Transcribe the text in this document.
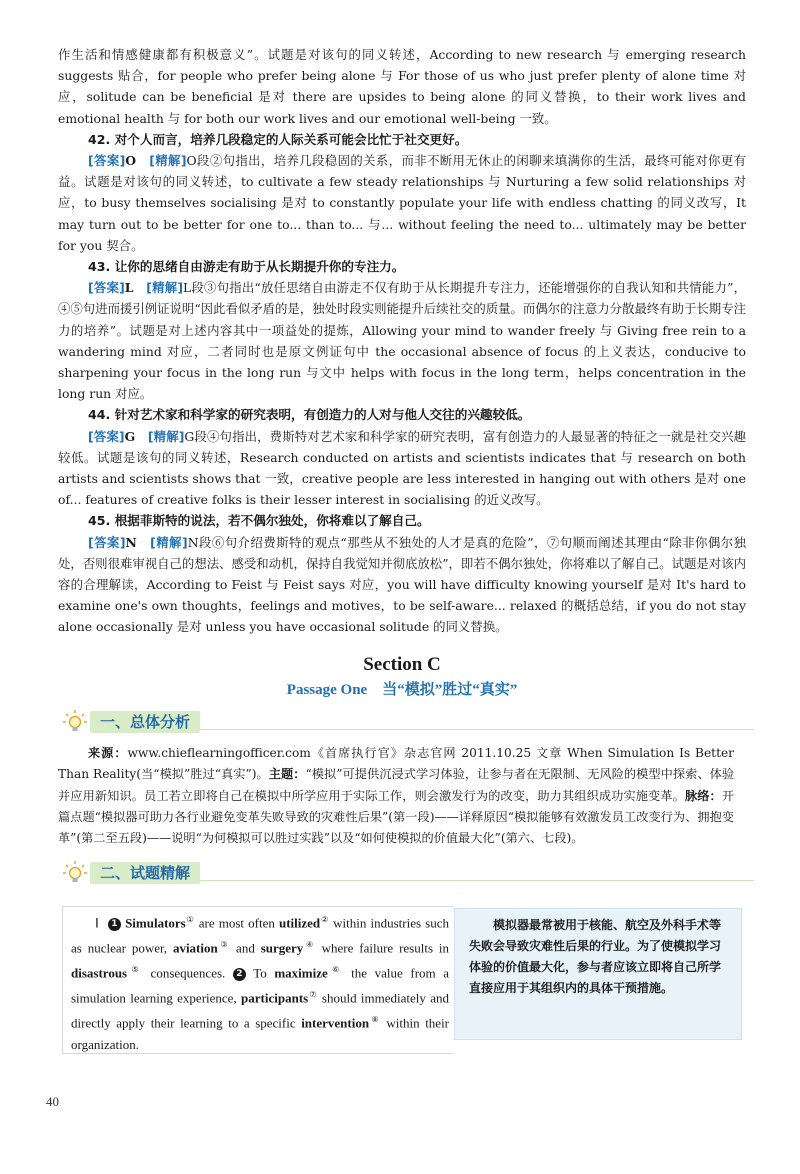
作生活和情感健康都有积极意义”。试题是对该句的同义转述，According to new research 与 emerging research suggests 贴合，for people who prefer being alone 与 For those of us who just prefer plenty of alone time 对应，solitude can be beneficial 是对 there are upsides to being alone 的同义替换，to their work lives and emotional health 与 for both our work lives and our emotional well-being 一致。

42. 对个人而言，培养几段稳定的人际关系可能会比忙于社交更好。

[答案]O　 [精解]O段②句指出，培养几段稳固的关系，而非不断用无休止的闲聊来填满你的生活，最终可能对你更有益。试题是对该句的同义转述，to cultivate a few steady relationships 与 Nurturing a few solid relationships 对应，to busy themselves socialising 是对 to constantly populate your life with endless chatting 的同义改写，It may turn out to be better for one to... than to... 与... without feeling the need to... ultimately may be better for you 契合。

43. 让你的思绪自由游走有助于从长期提升你的专注力。

[答案]L　 [精解]L段③句指出“放任思绪自由游走不仅有助于从长期提升专注力，还能增强你的自我认知和共情能力”，④⑤句进而援引例证说明“因此看似矛盾的是，独处时段实则能提升后续社交的质量。而偶尔的注意力分散最终有助于长期专注力的培养”。试题是对上述内容其中一项益处的提炼，Allowing your mind to wander freely 与 Giving free rein to a wandering mind 对应，二者同时也是原文例证句中 the occasional absence of focus 的上义表达，conducive to sharpening your focus in the long run 与文中 helps with focus in the long term，helps concentration in the long run 对应。

44. 针对艺术家和科学家的研究表明，有创造力的人对与他人交往的兴趣较低。

[答案]G　 [精解]G段④句指出，费斯特对艺术家和科学家的研究表明，富有创造力的人最显著的特征之一就是社交兴趣较低。试题是该句的同义转述，Research conducted on artists and scientists indicates that 与 research on both artists and scientists shows that 一致，creative people are less interested in hanging out with others 是对 one of... features of creative folks is their lesser interest in socialising 的近义改写。

45. 根据菲斯特的说法，若不偶尔独处，你将难以了解自己。

[答案]N　 [精解]N段⑥句介绍费斯特的观点“那些从不独处的人才是真的危险”，⑦句顺而阐述其理由“除非你偶尔独处，否则很难审视自己的想法、感受和动机，保持自我觉知并彻底放松”，即若不偶尔独处，你将难以了解自己。试题是对该内容的合理解读，According to Feist 与 Feist says 对应，you will have difficulty knowing yourself 是对 It's hard to examine one's own thoughts，feelings and motives，to be self-aware... relaxed 的概括总结，if you do not stay alone occasionally 是对 unless you have occasional solitude 的同义替换。

Section C
Passage One　当“模拟”胜过“真实”
一、总体分析

来源：www.chieflearningofficer.com《首席执行官》杂志官网 2011.10.25 文章 When Simulation Is Better Than Reality(当“模拟”胜过“真实”)。主题：“模拟”可提供沉浸式学习体验，让参与者在无限制、无风险的模型中探索、体验并应用新知识。员工若立即将自己在模拟中所学应用于实际工作，则会激发行为的改变，助力其组织成功实施变革。脉络：开篇点题“模拟器可助力各行业避免变革失败导致的灾难性后果”(第一段)——详释原因“模拟能够有效激发员工改变行为、拥抱变革”(第二至五段)——说明“为何模拟可以胜过实践”以及“如何使模拟的价值最大化”(第六、七段)。

二、试题精解
Ⅰ 1 Simulators① are most often utilized② within industries such as nuclear power, aviation③ and surgery④ where failure results in disastrous⑤ consequences. 2 To maximize⑥ the value from a simulation learning experience, participants⑦ should immediately and directly apply their learning to a specific intervention⑧ within their organization.
模拟器最常被用于核能、航空及外科手术等失败会导致灾难性后果的行业。为了使模拟学习体验的价值最大化，参与者应该立即将自己所学直接应用于其组织内的具体干预措施。
40
